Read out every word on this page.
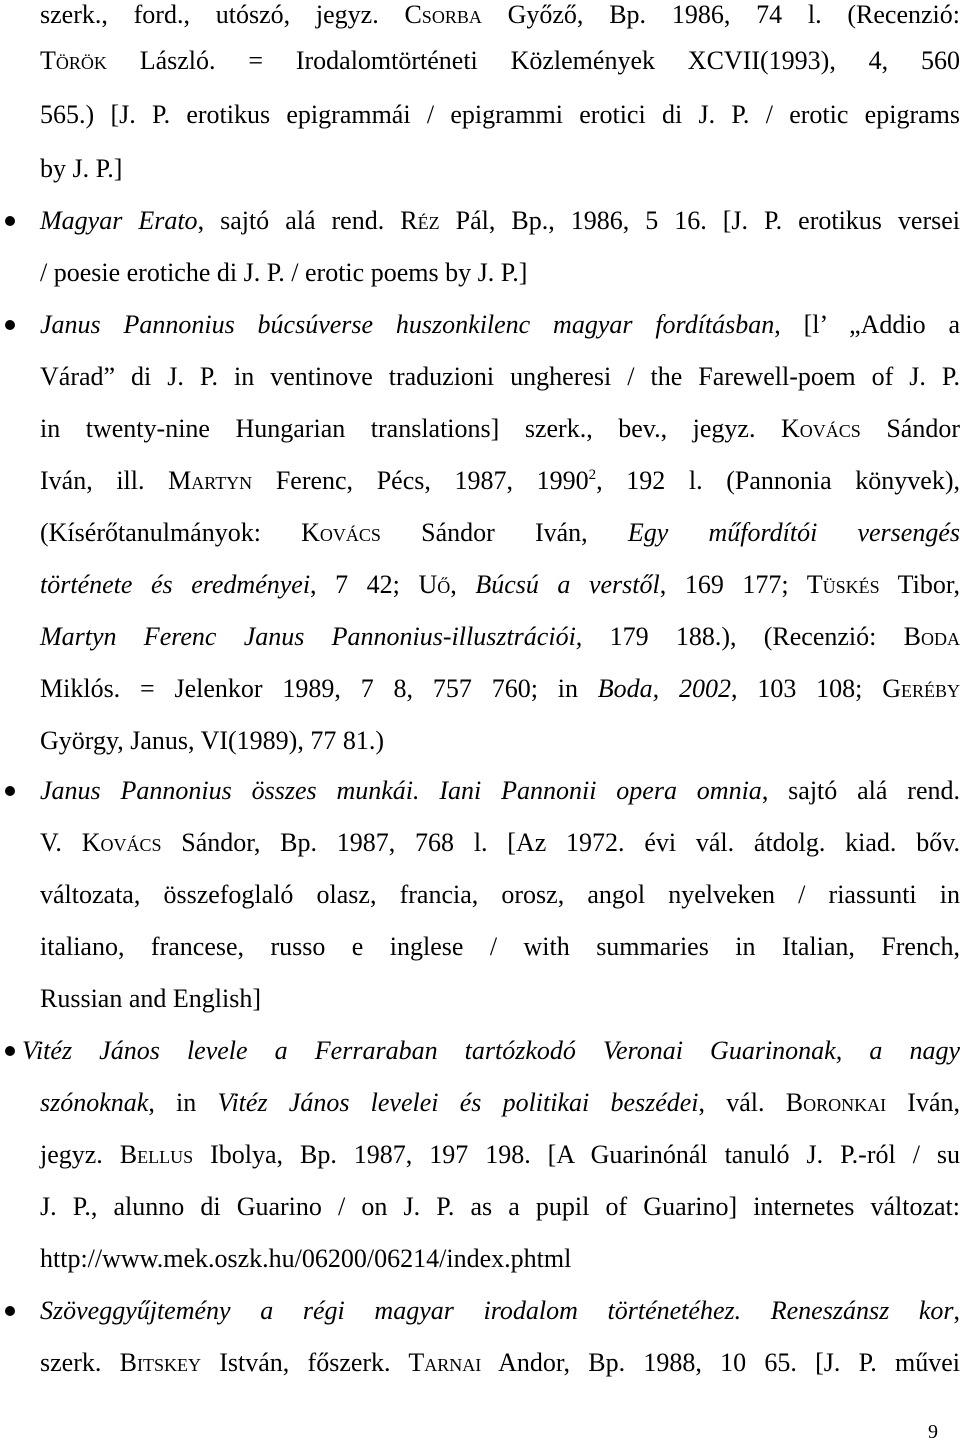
szerk., ford., utószó, jegyz. Csorba Győző, Bp. 1986, 74 l. (Recenzió:
Török László. = Irodalomtörténeti Közlemények XCVII(1993), 4, 560
565.) [J. P. erotikus epigrammái / epigrammi erotici di J. P. / erotic epigrams
by J. P.]
Magyar Erato, sajtó alá rend. Réz Pál, Bp., 1986, 5 16. [J. P. erotikus versei
/ poesie erotiche di J. P. / erotic poems by J. P.]
Janus Pannonius búcsúverse huszonkilenc magyar fordításban, [l’ „Addio a
Várad” di J. P. in ventinove traduzioni ungheresi / the Farewell-poem of J. P.
in twenty-nine Hungarian translations] szerk., bev., jegyz. Kovács Sándor
Iván, ill. Martyn Ferenc, Pécs, 1987, 1990$^2$, 192 l. (Pannonia könyvek),
(Kísérőtanulmányok: Kovács Sándor Iván, Egy műfordítói versengés
története és eredményei, 7 42; Uő, Búcsú a verstől, 169 177; Tüskés Tibor,
Martyn Ferenc Janus Pannonius-illusztrációi, 179 188.), (Recenzió: Boda
Miklós. = Jelenkor 1989, 7 8, 757 760; in Boda, 2002, 103 108; Geréby
György, Janus, VI(1989), 77 81.)
Janus Pannonius összes munkái. Iani Pannonii opera omnia, sajtó alá rend.
V. Kovács Sándor, Bp. 1987, 768 l. [Az 1972. évi vál. átdolg. kiad. bőv.
változata, összefoglaló olasz, francia, orosz, angol nyelveken / riassunti in
italiano, francese, russo e inglese / with summaries in Italian, French,
Russian and English]
Vitéz János levele a Ferraraban tartózkodó Veronai Guarinonak, a nagy
szónoknak, in Vitéz János levelei és politikai beszédei, vál. Boronkai Iván,
jegyz. Bellus Ibolya, Bp. 1987, 197 198. [A Guarinónál tanuló J. P.-ról / su
J. P., alunno di Guarino / on J. P. as a pupil of Guarino] internetes változat:
http://www.mek.oszk.hu/06200/06214/index.phtml
Szöveggyűjtemény a régi magyar irodalom történetéhez. Reneszánsz kor,
szerk. Bitskey István, főszerk. Tarnai Andor, Bp. 1988, 10 65. [J. P. művei
9
